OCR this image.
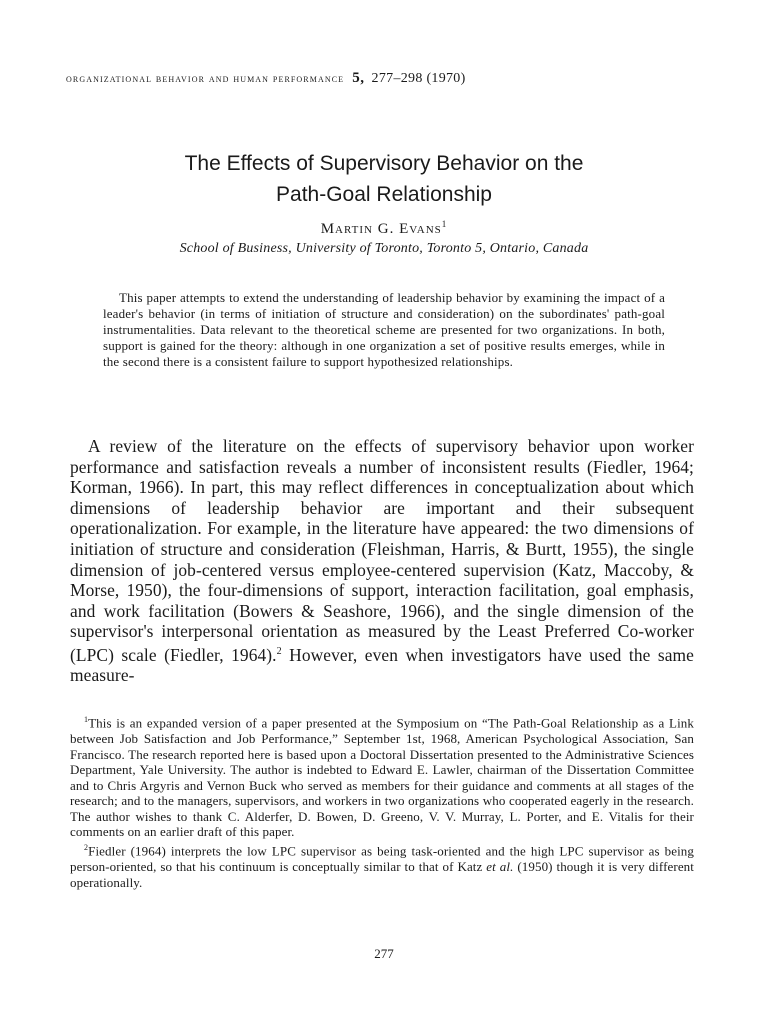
organizational behavior and human performance 5, 277–298 (1970)
The Effects of Supervisory Behavior on the
Path-Goal Relationship
Martin G. Evans$^1$
School of Business, University of Toronto, Toronto 5, Ontario, Canada
This paper attempts to extend the understanding of leadership behavior by examining the impact of a leader's behavior (in terms of initiation of structure and consideration) on the subordinates' path-goal instrumentalities. Data relevant to the theoretical scheme are presented for two organizations. In both, support is gained for the theory: although in one organization a set of positive results emerges, while in the second there is a consistent failure to support hypothesized relationships.
A review of the literature on the effects of supervisory behavior upon worker performance and satisfaction reveals a number of inconsistent results (Fiedler, 1964; Korman, 1966). In part, this may reflect differences in conceptualization about which dimensions of leadership behavior are important and their subsequent operationalization. For example, in the literature have appeared: the two dimensions of initiation of structure and consideration (Fleishman, Harris, & Burtt, 1955), the single dimension of job-centered versus employee-centered supervision (Katz, Maccoby, & Morse, 1950), the four-dimensions of support, interaction facilitation, goal emphasis, and work facilitation (Bowers & Seashore, 1966), and the single dimension of the supervisor's interpersonal orientation as measured by the Least Preferred Co-worker (LPC) scale (Fiedler, 1964).$^2$ However, even when investigators have used the same measure-

$^1$This is an expanded version of a paper presented at the Symposium on “The Path-Goal Relationship as a Link between Job Satisfaction and Job Performance,” September 1st, 1968, American Psychological Association, San Francisco. The research reported here is based upon a Doctoral Dissertation presented to the Administrative Sciences Department, Yale University. The author is indebted to Edward E. Lawler, chairman of the Dissertation Committee and to Chris Argyris and Vernon Buck who served as members for their guidance and comments at all stages of the research; and to the managers, supervisors, and workers in two organizations who cooperated eagerly in the research. The author wishes to thank C. Alderfer, D. Bowen, D. Greeno, V. V. Murray, L. Porter, and E. Vitalis for their comments on an earlier draft of this paper.

$^2$Fiedler (1964) interprets the low LPC supervisor as being task-oriented and the high LPC supervisor as being person-oriented, so that his continuum is conceptually similar to that of Katz et al. (1950) though it is very different operationally.

277
